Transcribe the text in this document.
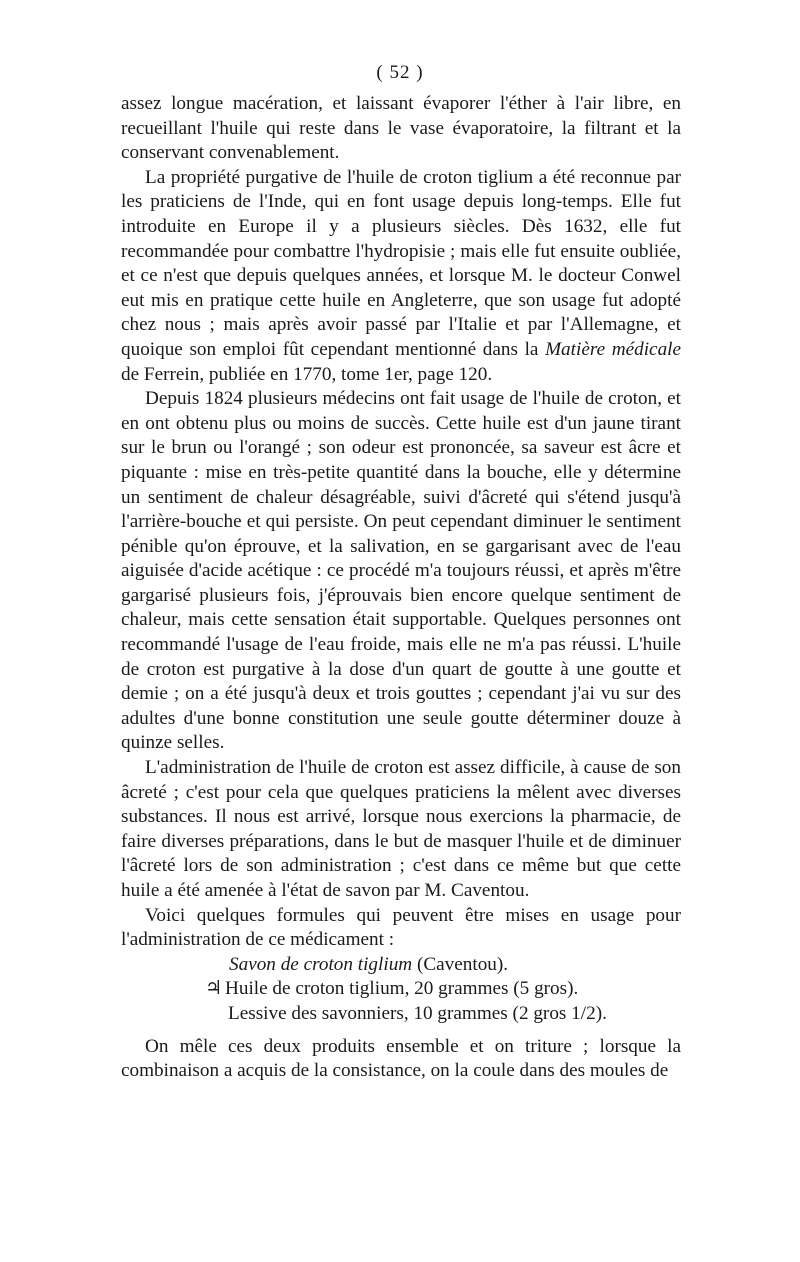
( 52 )

assez longue macération, et laissant évaporer l'éther à l'air libre, en recueillant l'huile qui reste dans le vase évaporatoire, la filtrant et la conservant convenablement.

La propriété purgative de l'huile de croton tiglium a été reconnue par les praticiens de l'Inde, qui en font usage depuis long-temps. Elle fut introduite en Europe il y a plusieurs siècles. Dès 1632, elle fut recommandée pour combattre l'hydropisie ; mais elle fut ensuite oubliée, et ce n'est que depuis quelques années, et lorsque M. le docteur Conwel eut mis en pratique cette huile en Angleterre, que son usage fut adopté chez nous ; mais après avoir passé par l'Italie et par l'Allemagne, et quoique son emploi fût cependant mentionné dans la Matière médicale de Ferrein, publiée en 1770, tome 1er, page 120.

Depuis 1824 plusieurs médecins ont fait usage de l'huile de croton, et en ont obtenu plus ou moins de succès. Cette huile est d'un jaune tirant sur le brun ou l'orangé ; son odeur est prononcée, sa saveur est âcre et piquante : mise en très-petite quantité dans la bouche, elle y détermine un sentiment de chaleur désagréable, suivi d'âcreté qui s'étend jusqu'à l'arrière-bouche et qui persiste. On peut cependant diminuer le sentiment pénible qu'on éprouve, et la salivation, en se gargarisant avec de l'eau aiguisée d'acide acétique : ce procédé m'a toujours réussi, et après m'être gargarisé plusieurs fois, j'éprouvais bien encore quelque sentiment de chaleur, mais cette sensation était supportable. Quelques personnes ont recommandé l'usage de l'eau froide, mais elle ne m'a pas réussi. L'huile de croton est purgative à la dose d'un quart de goutte à une goutte et demie ; on a été jusqu'à deux et trois gouttes ; cependant j'ai vu sur des adultes d'une bonne constitution une seule goutte déterminer douze à quinze selles.

L'administration de l'huile de croton est assez difficile, à cause de son âcreté ; c'est pour cela que quelques praticiens la mêlent avec diverses substances. Il nous est arrivé, lorsque nous exercions la pharmacie, de faire diverses préparations, dans le but de masquer l'huile et de diminuer l'âcreté lors de son administration ; c'est dans ce même but que cette huile a été amenée à l'état de savon par M. Caventou.

Voici quelques formules qui peuvent être mises en usage pour l'administration de ce médicament :

Savon de croton tiglium (Caventou).

♃ Huile de croton tiglium, 20 grammes (5 gros).

Lessive des savonniers, 10 grammes (2 gros 1/2).

On mêle ces deux produits ensemble et on triture ; lorsque la combinaison a acquis de la consistance, on la coule dans des moules de
